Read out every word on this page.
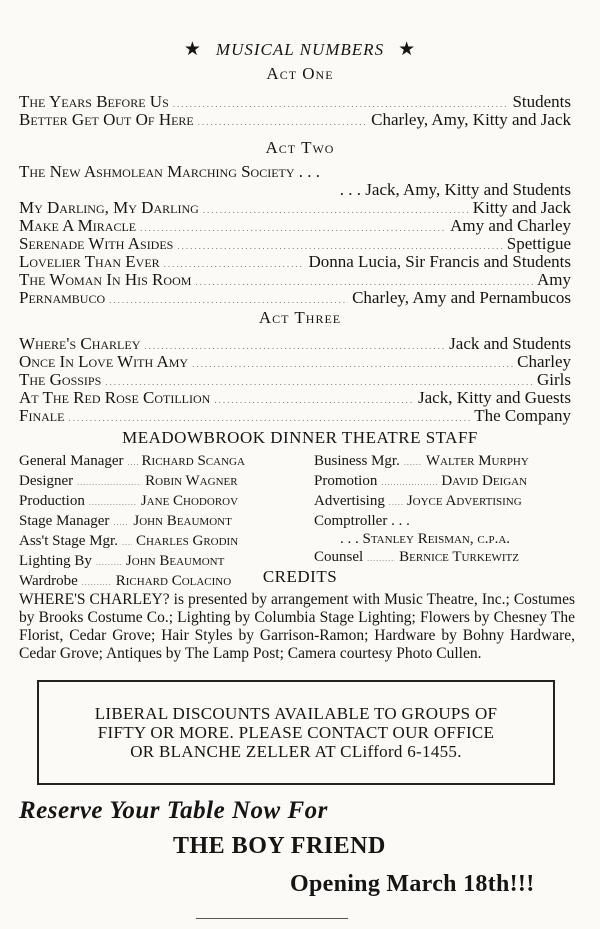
★ MUSICAL NUMBERS ★
Act One
The Years Before Us .....	Students
Better Get Out Of Here .....	Charley, Amy, Kitty and Jack
Act Two
The New Ashmolean Marching Society . . .
. . . Jack, Amy, Kitty and Students
My Darling, My Darling .....	Kitty and Jack
Make A Miracle .....	Amy and Charley
Serenade With Asides .....	Spettigue
Lovelier Than Ever .....	Donna Lucia, Sir Francis and Students
The Woman In His Room .....	Amy
Pernambuco .....	Charley, Amy and Pernambucos
Act Three
Where's Charley .....	Jack and Students
Once In Love With Amy .....	Charley
The Gossips .....	Girls
At The Red Rose Cotillion .....	Jack, Kitty and Guests
Finale .....	The Company
MEADOWBROOK DINNER THEATRE STAFF
General Manager ..... Richard Scanga
Designer .....	Robin Wagner
Production .....	Jane Chodorov
Stage Manager ..... John Beaumont
Ass't Stage Mgr. ..... Charles Grodin
Lighting By ..... John Beaumont
Wardrobe .....	Richard Colacino
Business Mgr. ..... Walter Murphy
Promotion .....	David Deigan
Advertising ..... Joyce Advertising
Comptroller . . .
. . . Stanley Reisman, c.p.a.
Counsel ..... Bernice Turkewitz
CREDITS
WHERE'S CHARLEY? is presented by arrangement with Music Theatre, Inc.; Costumes by Brooks Costume Co.; Lighting by Columbia Stage Lighting; Flowers by Chesney The Florist, Cedar Grove; Hair Styles by Garrison-Ramon; Hardware by Bohny Hardware, Cedar Grove; Antiques by The Lamp Post; Camera courtesy Photo Cullen.
LIBERAL DISCOUNTS AVAILABLE TO GROUPS OF
FIFTY OR MORE. PLEASE CONTACT OUR OFFICE
OR BLANCHE ZELLER AT CLifford 6-1455.
Reserve Your Table Now For
THE BOY FRIEND
Opening March 18th!!!
